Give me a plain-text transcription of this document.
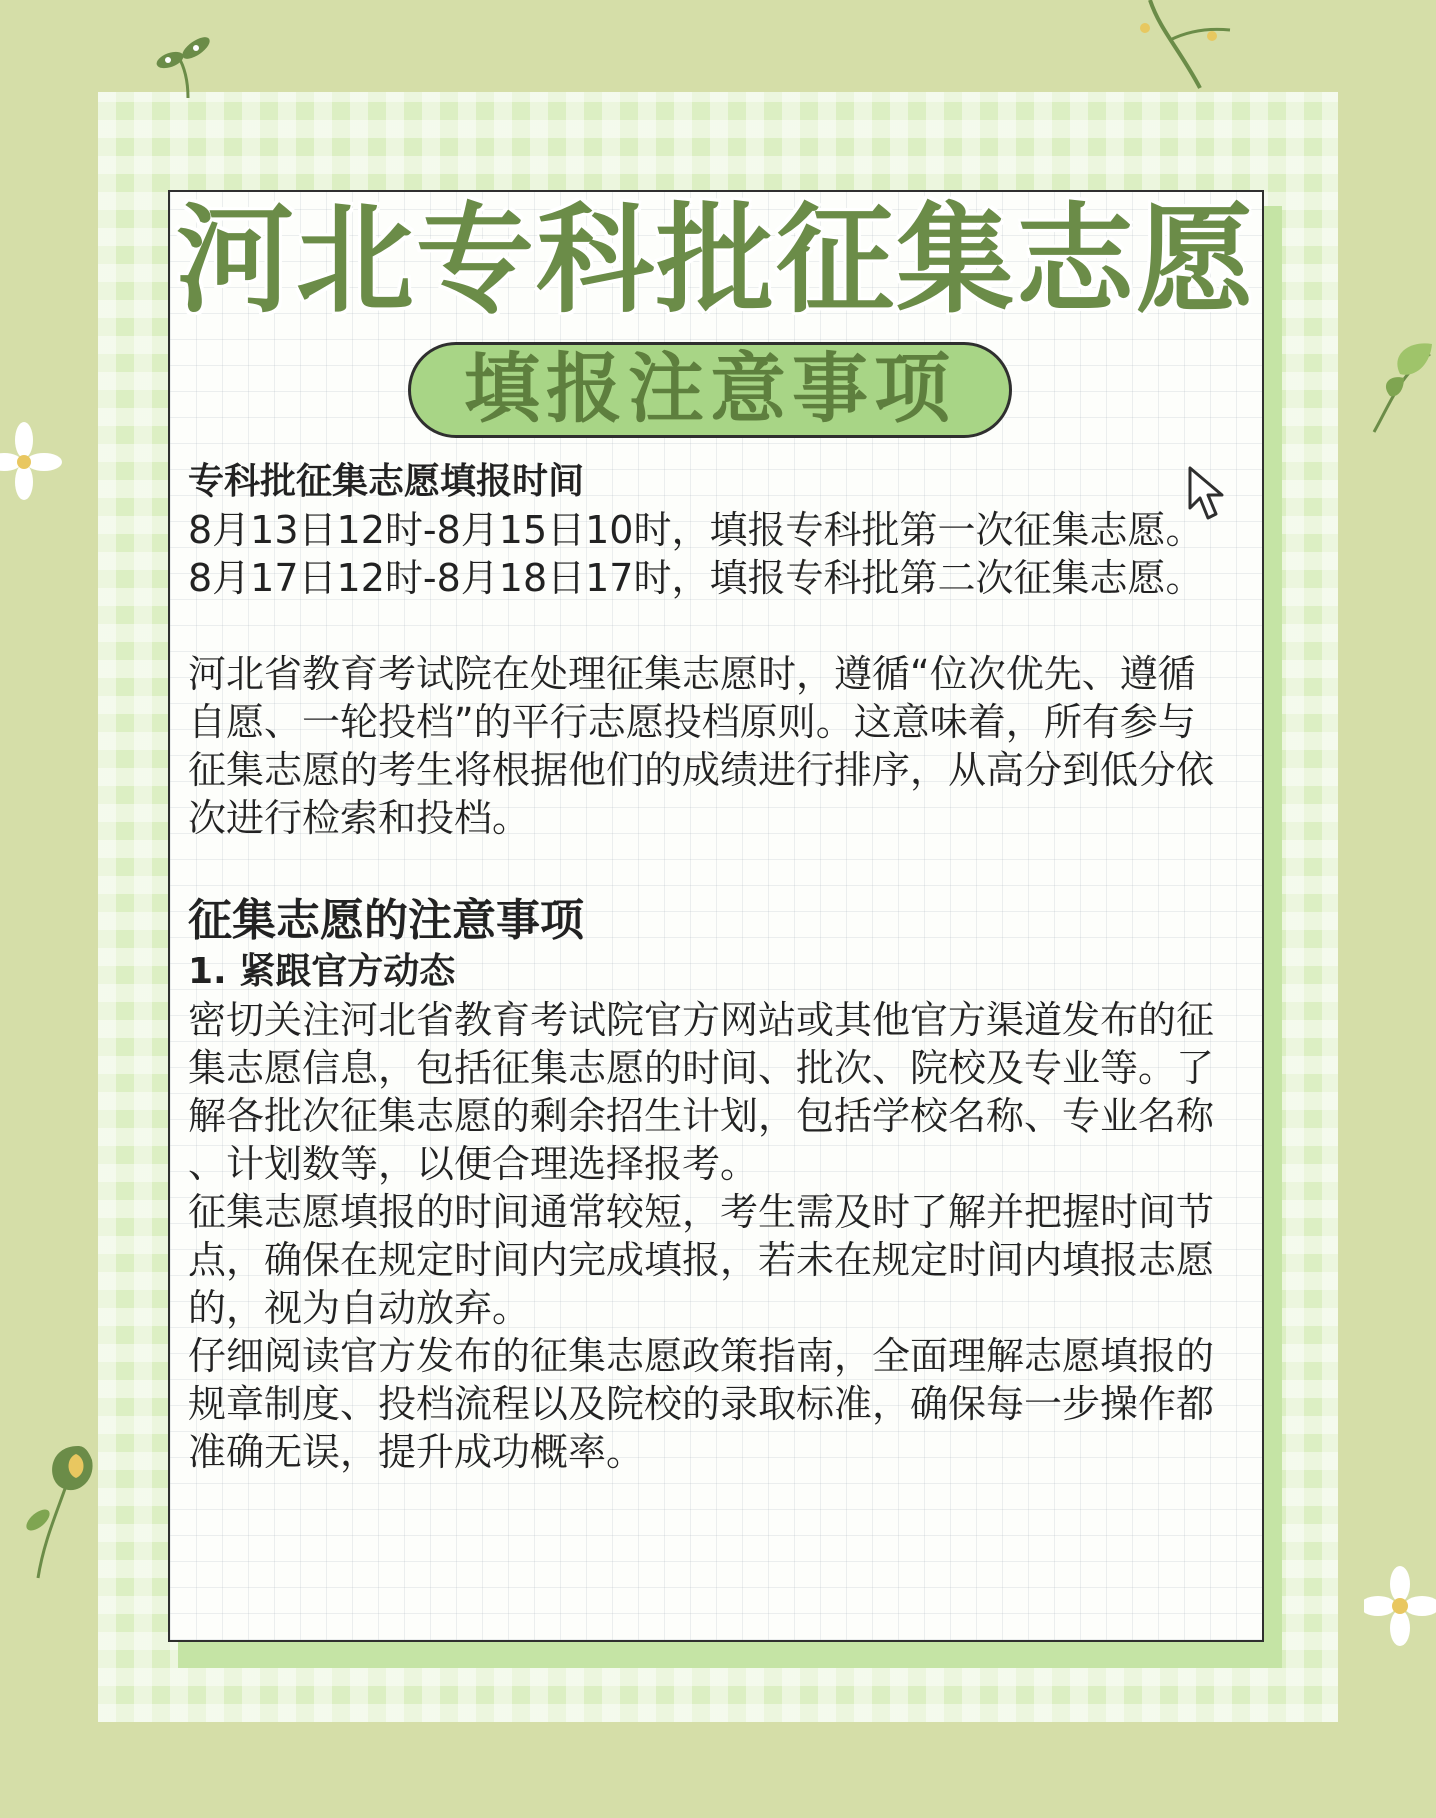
河北专科批征集志愿
填报注意事项

专科批征集志愿填报时间

8月13日12时-8月15日10时，填报专科批第一次征集志愿。

8月17日12时-8月18日17时，填报专科批第二次征集志愿。

河北省教育考试院在处理征集志愿时，遵循“位次优先、遵循

自愿、一轮投档”的平行志愿投档原则。这意味着，所有参与

征集志愿的考生将根据他们的成绩进行排序，从高分到低分依

次进行检索和投档。

征集志愿的注意事项

1. 紧跟官方动态

密切关注河北省教育考试院官方网站或其他官方渠道发布的征

集志愿信息，包括征集志愿的时间、批次、院校及专业等。了

解各批次征集志愿的剩余招生计划，包括学校名称、专业名称

、计划数等，以便合理选择报考。

征集志愿填报的时间通常较短，考生需及时了解并把握时间节

点，确保在规定时间内完成填报，若未在规定时间内填报志愿

的，视为自动放弃。

仔细阅读官方发布的征集志愿政策指南，全面理解志愿填报的

规章制度、投档流程以及院校的录取标准，确保每一步操作都

准确无误，提升成功概率。
